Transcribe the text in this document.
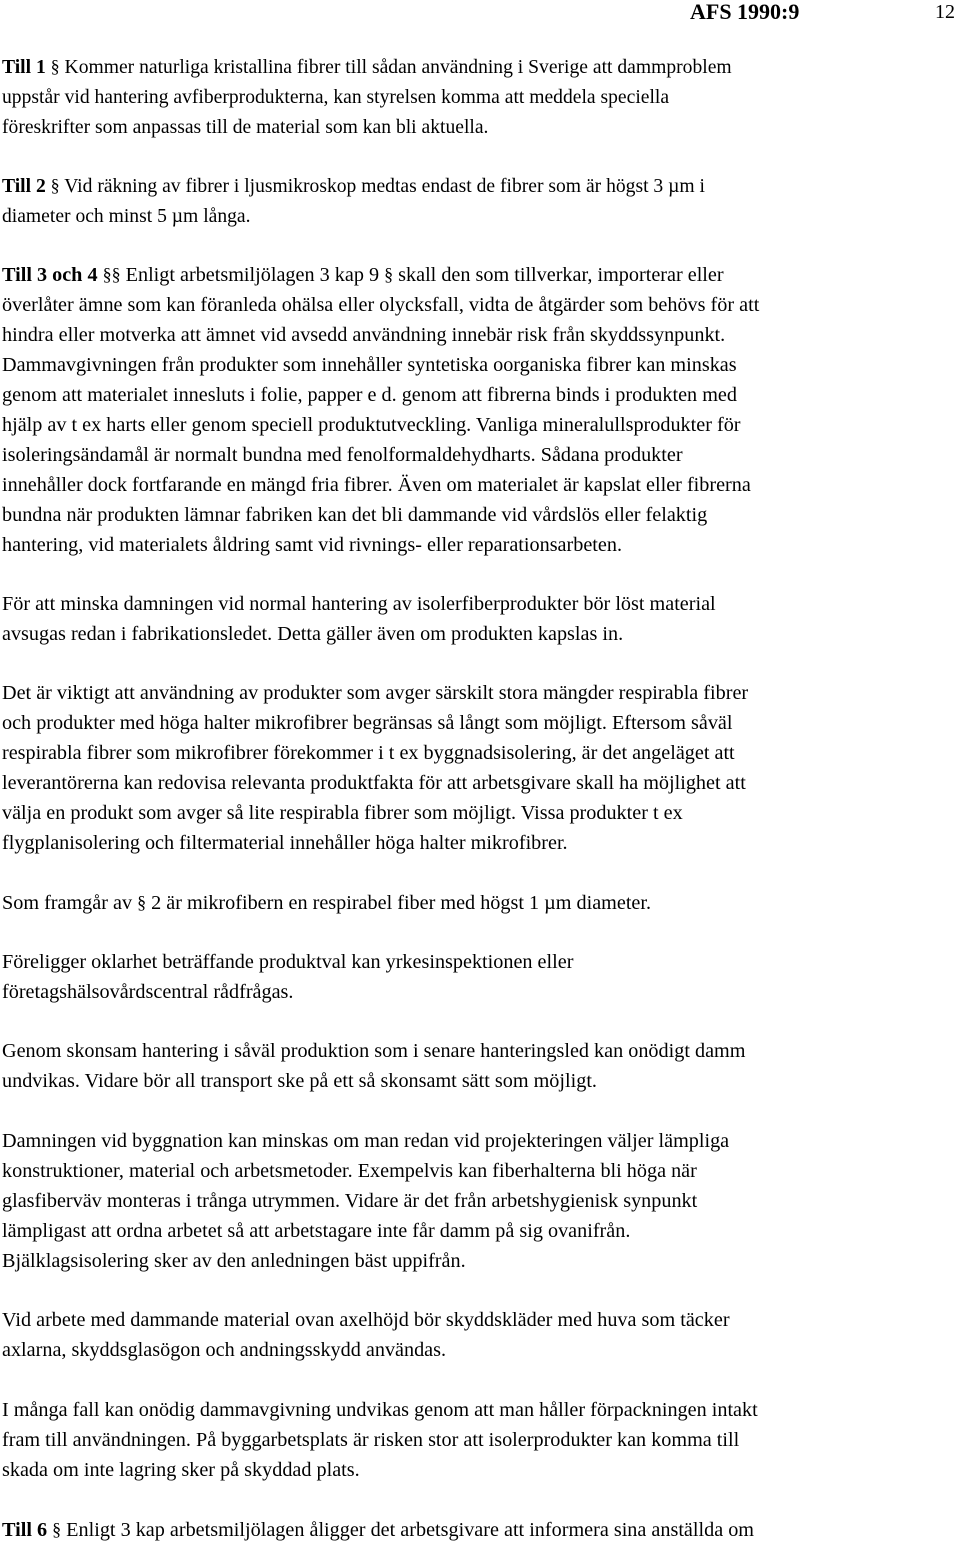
AFS 1990:9	12
Till 1 § Kommer naturliga kristallina fibrer till sådan användning i Sverige att dammproblem
uppstår vid hantering avfiberprodukterna, kan styrelsen komma att meddela speciella
föreskrifter som anpassas till de material som kan bli aktuella.
Till 2 § Vid räkning av fibrer i ljusmikroskop medtas endast de fibrer som är högst 3 µm i
diameter och minst 5 µm långa.
Till 3 och 4 §§ Enligt arbetsmiljölagen 3 kap 9 § skall den som tillverkar, importerar eller
överlåter ämne som kan föranleda ohälsa eller olycksfall, vidta de åtgärder som behövs för att
hindra eller motverka att ämnet vid avsedd användning innebär risk från skyddssynpunkt.
Dammavgivningen från produkter som innehåller syntetiska oorganiska fibrer kan minskas
genom att materialet innesluts i folie, papper e d. genom att fibrerna binds i produkten med
hjälp av t ex harts eller genom speciell produktutveckling. Vanliga mineralullsprodukter för
isoleringsändamål är normalt bundna med fenolformaldehydharts. Sådana produkter
innehåller dock fortfarande en mängd fria fibrer. Även om materialet är kapslat eller fibrerna
bundna när produkten lämnar fabriken kan det bli dammande vid vårdslös eller felaktig
hantering, vid materialets åldring samt vid rivnings- eller reparationsarbeten.
För att minska damningen vid normal hantering av isolerfiberprodukter bör löst material
avsugas redan i fabrikationsledet. Detta gäller även om produkten kapslas in.
Det är viktigt att användning av produkter som avger särskilt stora mängder respirabla fibrer
och produkter med höga halter mikrofibrer begränsas så långt som möjligt. Eftersom såväl
respirabla fibrer som mikrofibrer förekommer i t ex byggnadsisolering, är det angeläget att
leverantörerna kan redovisa relevanta produktfakta för att arbetsgivare skall ha möjlighet att
välja en produkt som avger så lite respirabla fibrer som möjligt. Vissa produkter t ex
flygplanisolering och filtermaterial innehåller höga halter mikrofibrer.
Som framgår av § 2 är mikrofibern en respirabel fiber med högst 1 µm diameter.
Föreligger oklarhet beträffande produktval kan yrkesinspektionen eller
företagshälsovårdscentral rådfrågas.
Genom skonsam hantering i såväl produktion som i senare hanteringsled kan onödigt damm
undvikas. Vidare bör all transport ske på ett så skonsamt sätt som möjligt.
Damningen vid byggnation kan minskas om man redan vid projekteringen väljer lämpliga
konstruktioner, material och arbetsmetoder. Exempelvis kan fiberhalterna bli höga när
glasfiberväv monteras i trånga utrymmen. Vidare är det från arbetshygienisk synpunkt
lämpligast att ordna arbetet så att arbetstagare inte får damm på sig ovanifrån.
Bjälklagsisolering sker av den anledningen bäst uppifrån.
Vid arbete med dammande material ovan axelhöjd bör skyddskläder med huva som täcker
axlarna, skyddsglasögon och andningsskydd användas.
I många fall kan onödig dammavgivning undvikas genom att man håller förpackningen intakt
fram till användningen. På byggarbetsplats är risken stor att isolerprodukter kan komma till
skada om inte lagring sker på skyddad plats.
Till 6 § Enligt 3 kap arbetsmiljölagen åligger det arbetsgivare att informera sina anställda om
